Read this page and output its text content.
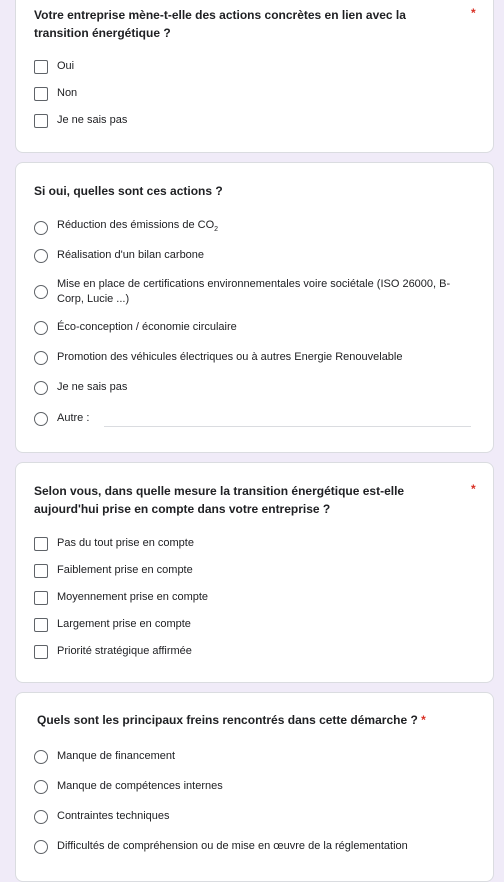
Votre entreprise mène-t-elle des actions concrètes en lien avec la transition énergétique ?
*
Oui
Non
Je ne sais pas
Si oui, quelles sont ces actions ?
Réduction des émissions de $CO_2$
Réalisation d'un bilan carbone
Mise en place de certifications environnementales voire sociétale (ISO 26000, B-Corp, Lucie ...)
Éco-conception / économie circulaire
Promotion des véhicules électriques ou à autres Energie Renouvelable
Je ne sais pas
Autre :
Selon vous, dans quelle mesure la transition énergétique est-elle aujourd'hui prise en compte dans votre entreprise ?
*
Pas du tout prise en compte
Faiblement prise en compte
Moyennement prise en compte
Largement prise en compte
Priorité stratégique affirmée
Quels sont les principaux freins rencontrés dans cette démarche ? *
Manque de financement
Manque de compétences internes
Contraintes techniques
Difficultés de compréhension ou de mise en œuvre de la réglementation
